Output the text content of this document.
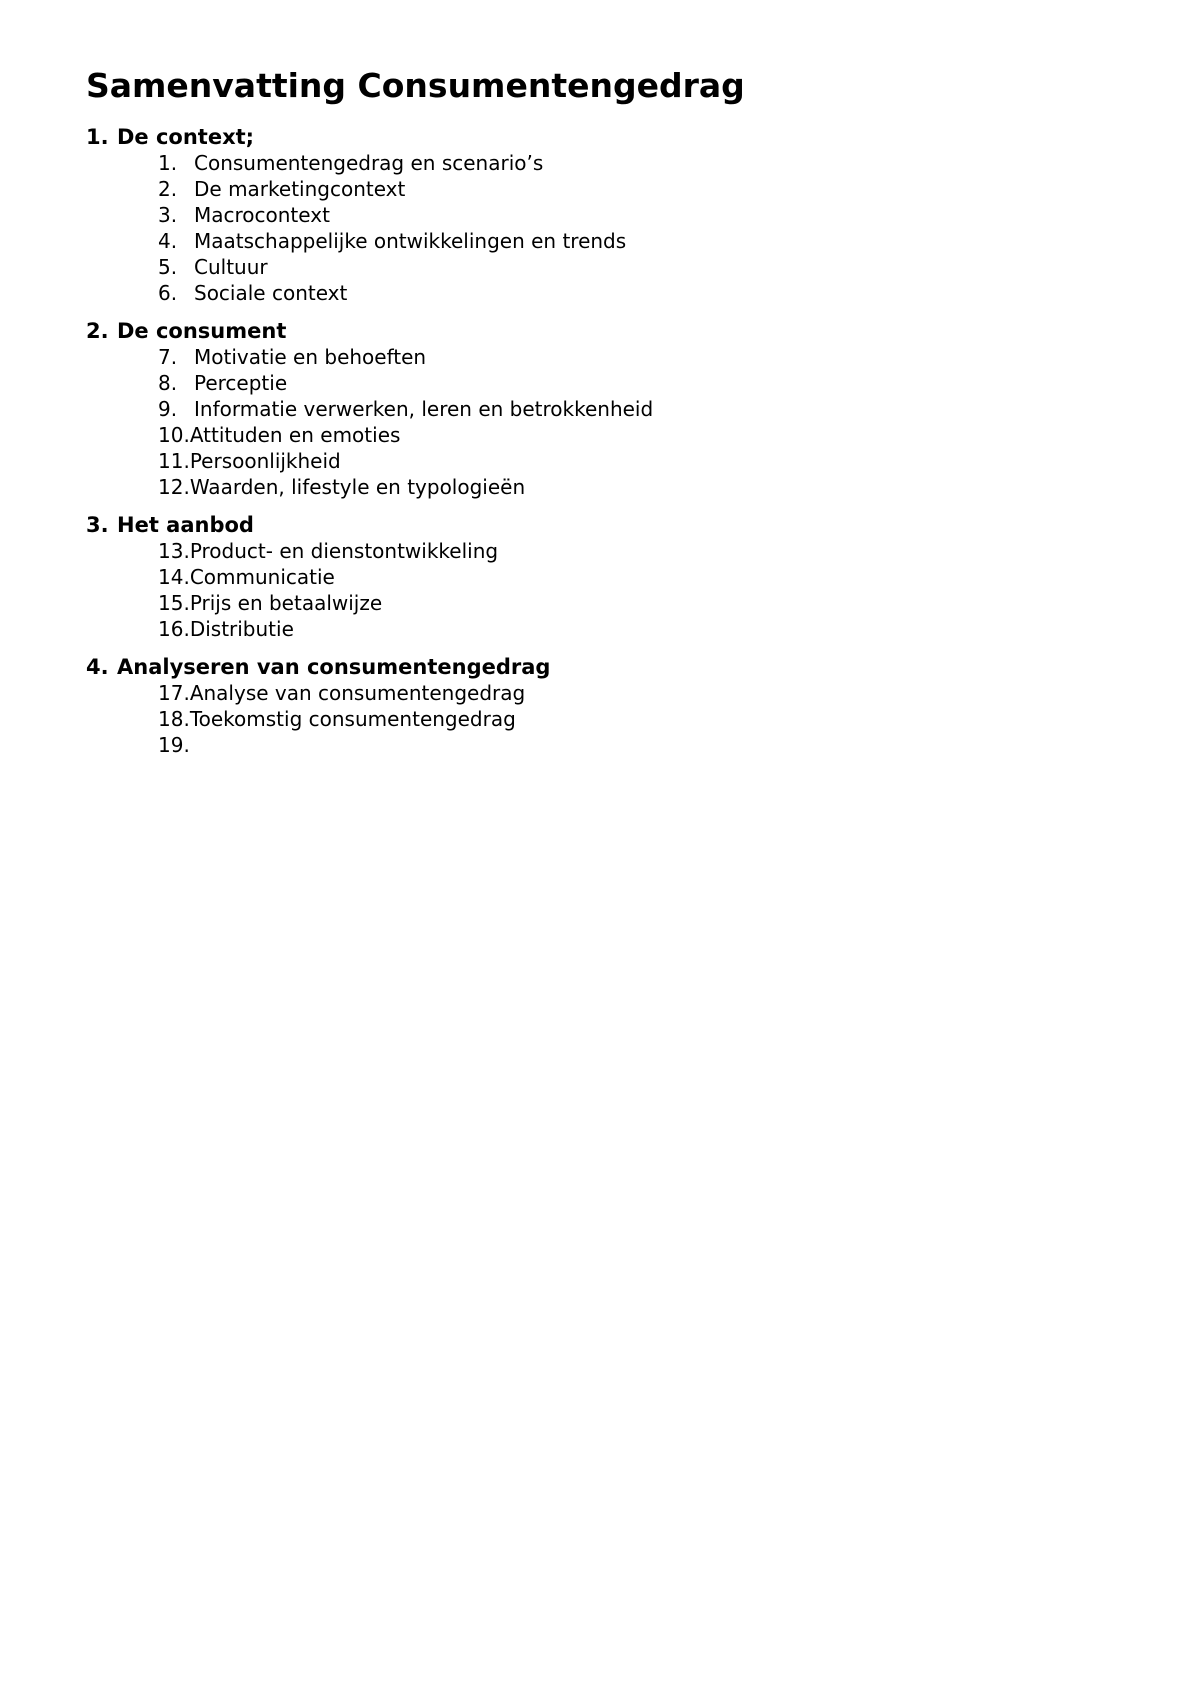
Samenvatting Consumentengedrag
1. De context;
1. Consumentengedrag en scenario’s
2. De marketingcontext
3. Macrocontext
4. Maatschappelijke ontwikkelingen en trends
5. Cultuur
6. Sociale context
2. De consument
7. Motivatie en behoeften
8. Perceptie
9. Informatie verwerken, leren en betrokkenheid
10. Attituden en emoties
11. Persoonlijkheid
12. Waarden, lifestyle en typologieën
3. Het aanbod
13. Product- en dienstontwikkeling
14. Communicatie
15. Prijs en betaalwijze
16. Distributie
4. Analyseren van consumentengedrag
17. Analyse van consumentengedrag
18. Toekomstig consumentengedrag
19.
